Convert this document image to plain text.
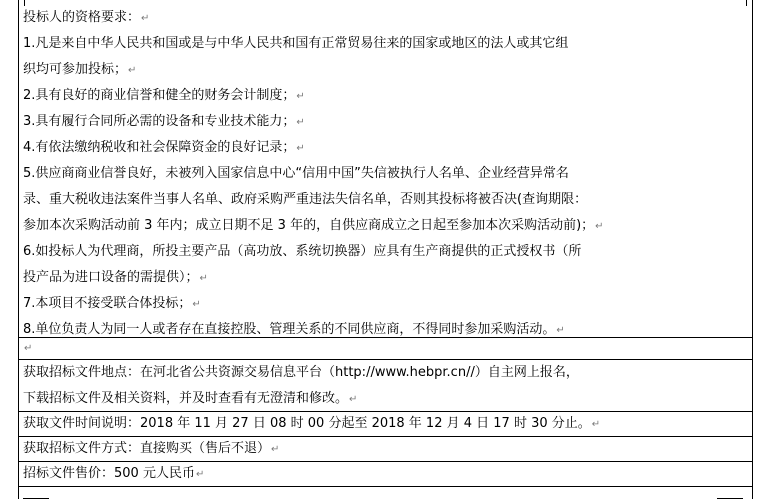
投标人的资格要求：↵
1.凡是来自中华人民共和国或是与中华人民共和国有正常贸易往来的国家或地区的法人或其它组
织均可参加投标；↵
2.具有良好的商业信誉和健全的财务会计制度；↵
3.具有履行合同所必需的设备和专业技术能力；↵
4.有依法缴纳税收和社会保障资金的良好记录；↵
5.供应商商业信誉良好，未被列入国家信息中心“信用中国”失信被执行人名单、企业经营异常名
录、重大税收违法案件当事人名单、政府采购严重违法失信名单，否则其投标将被否决(查询期限：
参加本次采购活动前 3 年内；成立日期不足 3 年的，自供应商成立之日起至参加本次采购活动前)；↵
6.如投标人为代理商，所投主要产品（高功放、系统切换器）应具有生产商提供的正式授权书（所
投产品为进口设备的需提供）；↵
7.本项目不接受联合体投标；↵
8.单位负责人为同一人或者存在直接控股、管理关系的不同供应商，不得同时参加采购活动。↵
↵
获取招标文件地点：在河北省公共资源交易信息平台（http://www.hebpr.cn//）自主网上报名，
下载招标文件及相关资料，并及时查看有无澄清和修改。↵
获取文件时间说明：2018 年 11 月 27 日 08 时 00 分起至 2018 年 12 月 4 日 17 时 30 分止。↵
获取招标文件方式：直接购买（售后不退）↵
招标文件售价：500 元人民币↵
